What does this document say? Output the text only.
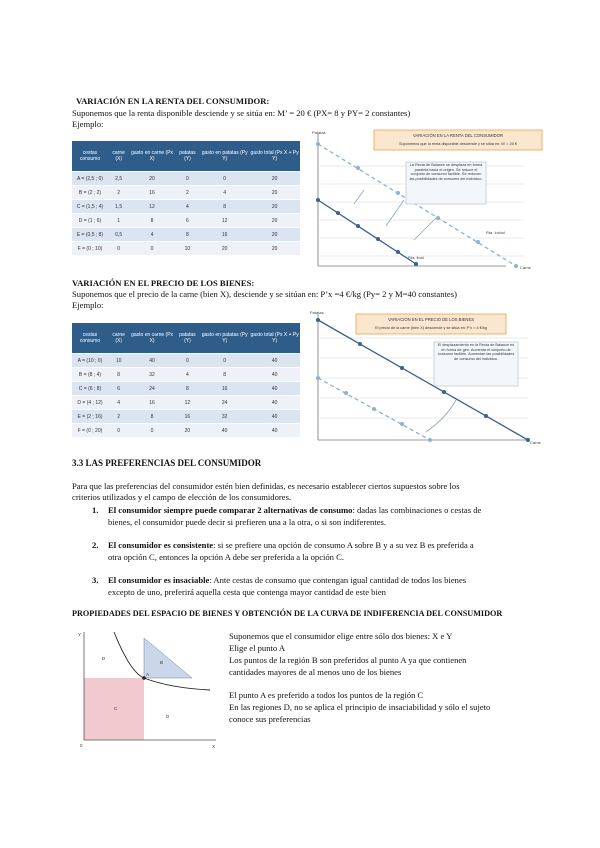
VARIACIÓN EN LA RENTA DEL CONSUMIDOR:
Suponemos que la renta disponible desciende y se sitúa en: M’ = 20 € (PX= 8 y PY= 2 constantes)
Ejemplo:
cestas consumo	carne (X)	gasto en carne (Px X)	patatas (Y)	gasto en patatas (Py Y)	gasto total (Px X + Py Y)
A = (2,5 ; 0)	2,5	20	0	0	20
B = (2 ; 2)	2	16	2	4	20
C = (1,5 ; 4)	1,5	12	4	8	20
D = (1 ; 6)	1	8	6	12	20
E = (0,5 ; 8)	0,5	4	8	16	20
F = (0 ; 10)	0	0	10	20	20
VARIACIÓN EN LA RENTA DEL CONSUMIDOR
Suponemos que la renta disponible desciende y se sitúa en: M’ = 20 €
La Recta de Balance se desplaza en forma paralela hacia el origen. Se reduce el conjunto de consumo factible. Se reducen las posibilidades de consumo del individuo.
Patatas
Carne
Rta. Inicial
Rta. final
VARIACIÓN EN EL PRECIO DE LOS BIENES:
Suponemos que el precio de la carne (bien X), desciende y se sitúan en: P’x =4 €/kg (Py= 2 y M=40 constantes)
Ejemplo:
cestas consumo	carne (X)	gasto en carne (Px X)	patatas (Y)	gasto en patatas (Py Y)	gasto total (Px X + Py Y)
A = (10 ; 0)	10	40	0	0	40
B = (8 ; 4)	8	32	4	8	40
C = (6 ; 8)	6	24	8	16	40
D = (4 ; 12)	4	16	12	24	40
E = (2 ; 16)	2	8	16	32	40
F = (0 ; 20)	0	0	20	40	40
VARIACIÓN EN EL PRECIO DE LOS BIENES
El precio de la carne (bien X) desciende y se sitúa en: P’x = 4 €/kg
El desplazamiento en la Recta de Balance es en forma de giro. Aumenta el conjunto de consumo factible. Aumentan las posibilidades de consumo del individuo.
Patatas
Carne
3.3 LAS PREFERENCIAS DEL CONSUMIDOR
Para que las preferencias del consumidor estén bien definidas, es necesario establecer ciertos supuestos sobre los
criterios utilizados y el campo de elección de los consumidores.
1. El consumidor siempre puede comparar 2 alternativas de consumo: dadas las combinaciones o cestas de
bienes, el consumidor puede decir si prefieren una a la otra, o si son indiferentes.
2. El consumidor es consistente: si se prefiere una opción de consumo A sobre B y a su vez B es preferida a
otra opción C, entonces la opción A debe ser preferida a la opción C.
3. El consumidor es insaciable: Ante cestas de consumo que contengan igual cantidad de todos los bienes
excepto de uno, preferirá aquella cesta que contenga mayor cantidad de este bien
PROPIEDADES DEL ESPACIO DE BIENES Y OBTENCIÓN DE LA CURVA DE INDIFERENCIA DEL CONSUMIDOR
Y
X
A
B
C
D
D
0
Suponemos que el consumidor elige entre sólo dos bienes: X e Y
Elige el punto A
Los puntos de la región B son preferidos al punto A ya que contienen
cantidades mayores de al menos uno de los bienes
El punto A es preferido a todos los puntos de la región C
En las regiones D, no se aplica el principio de insaciabilidad y sólo el sujeto
conoce sus preferencias
